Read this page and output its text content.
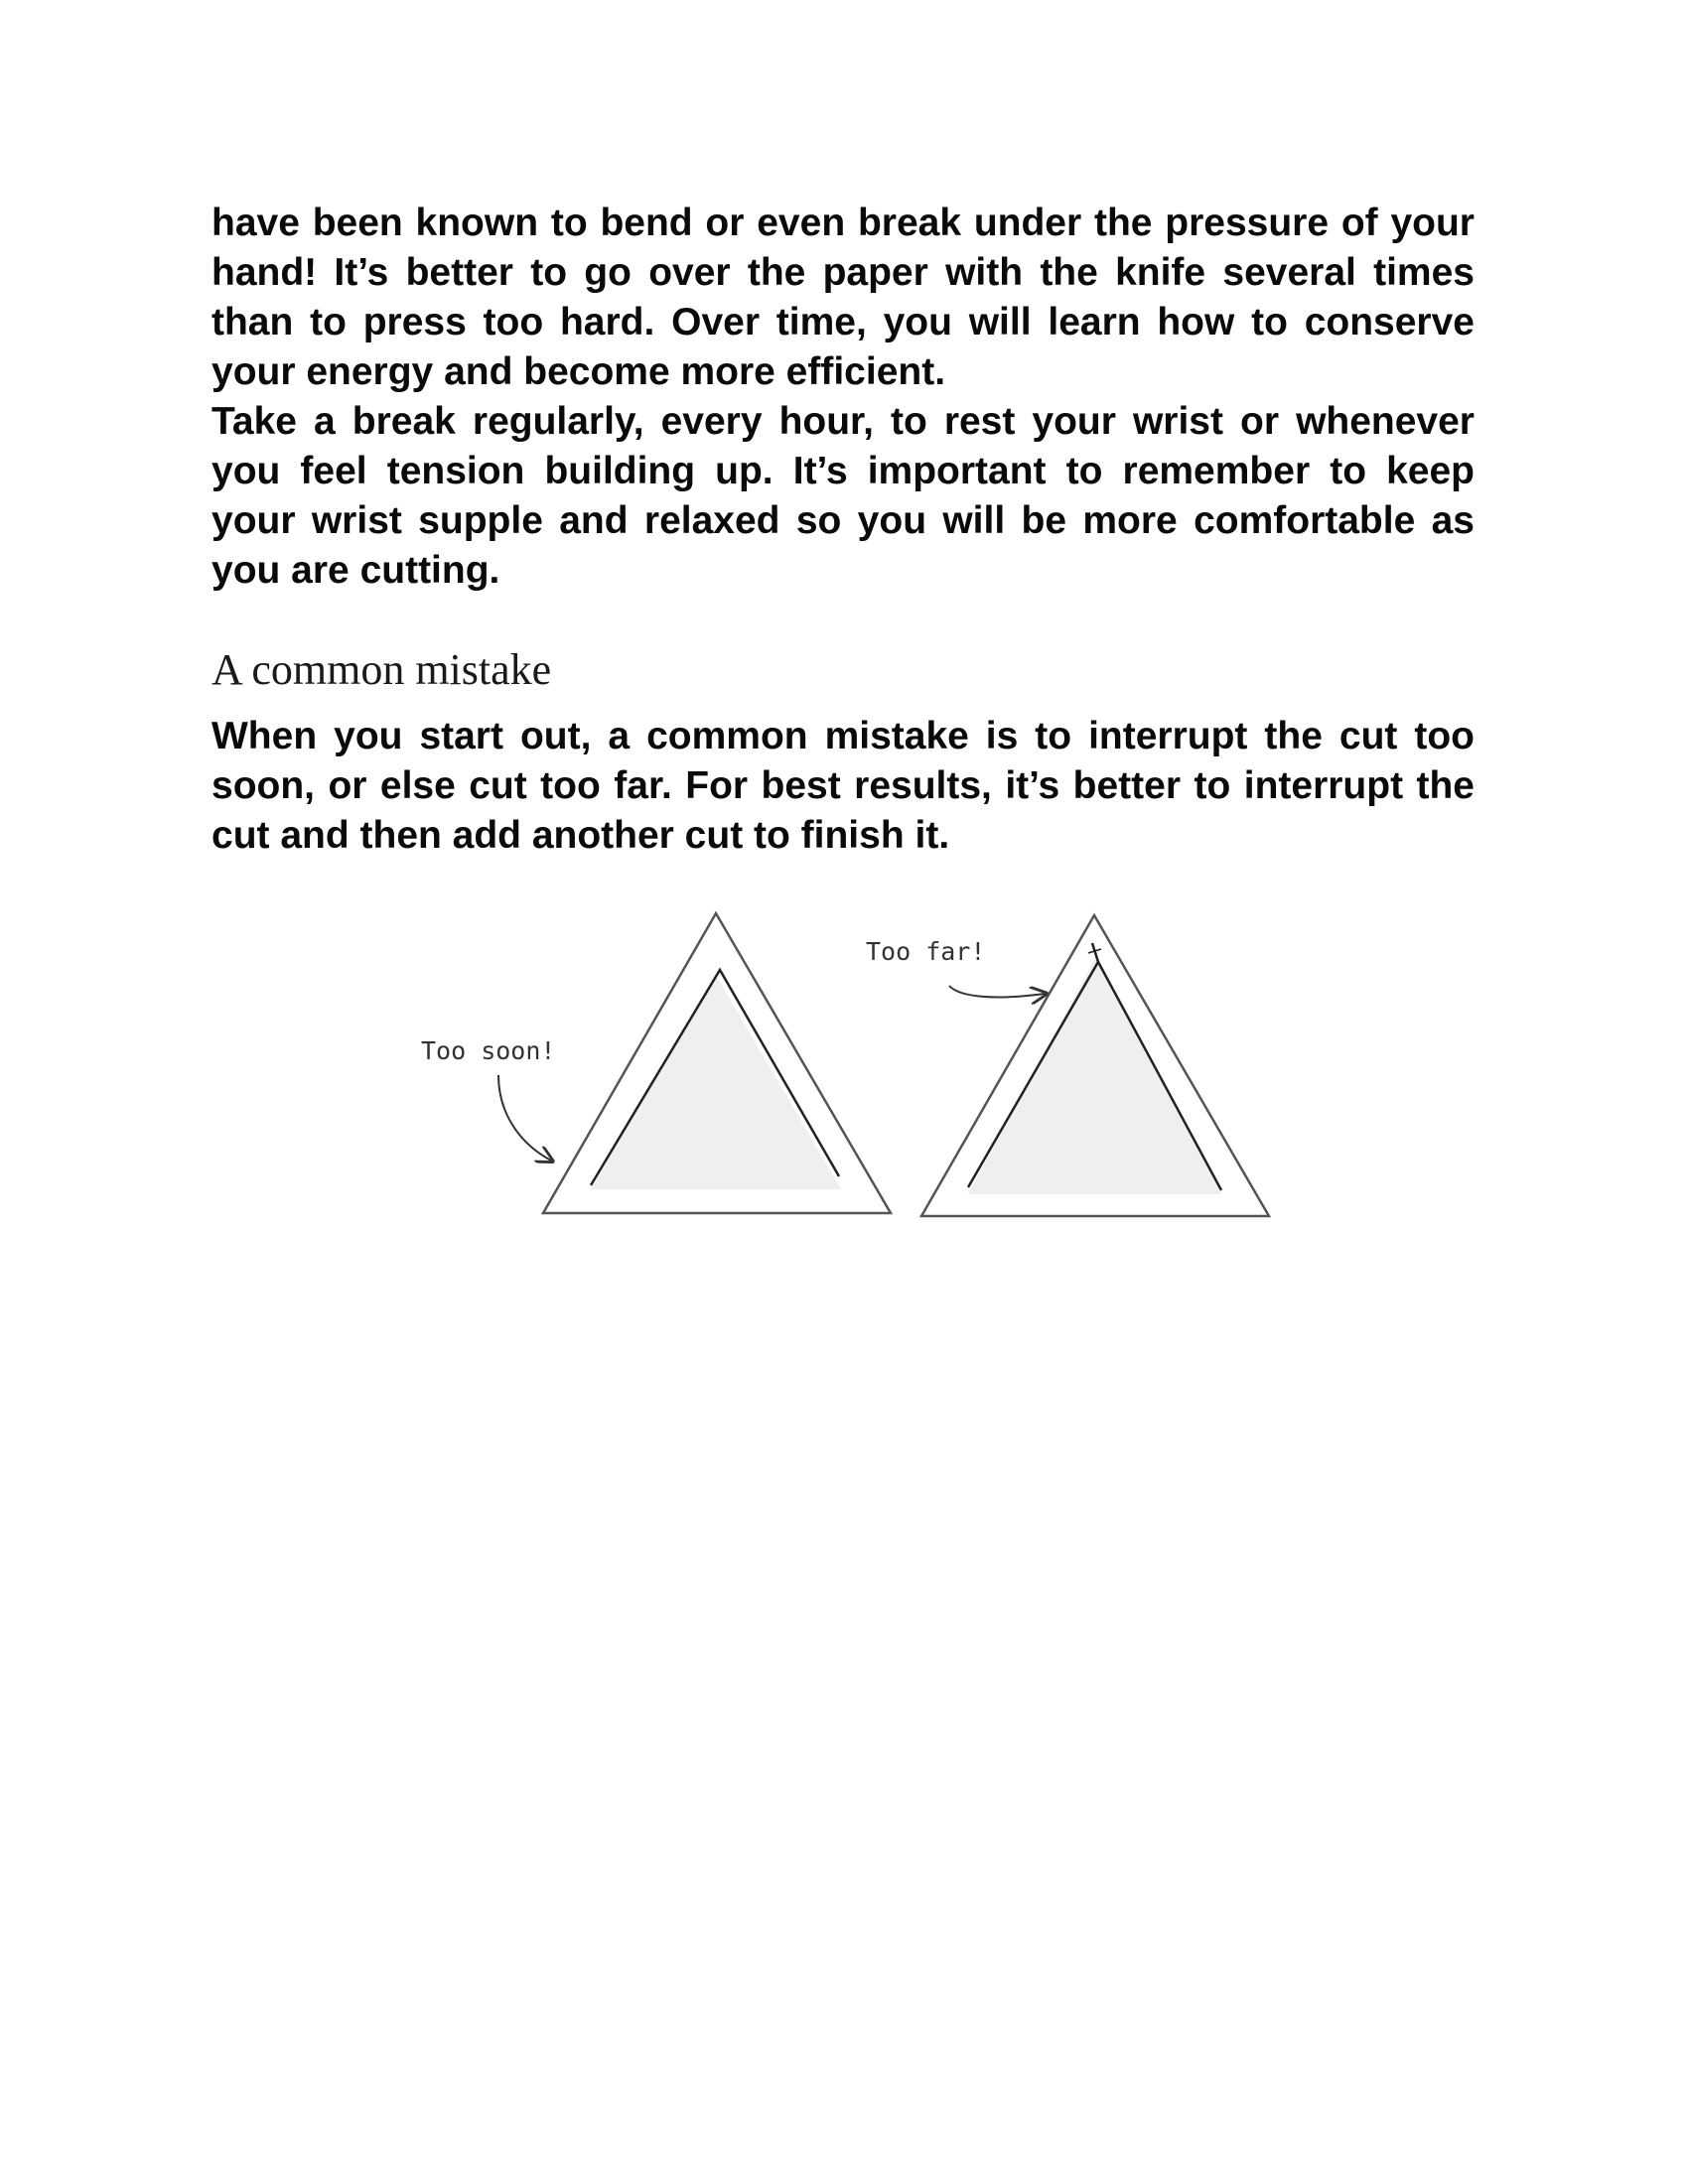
have been known to bend or even break under the pressure of your hand! It’s better to go over the paper with the knife several times than to press too hard. Over time, you will learn how to conserve your energy and become more efficient.

Take a break regularly, every hour, to rest your wrist or whenever you feel tension building up. It’s important to remember to keep your wrist supple and relaxed so you will be more comfortable as you are cutting.

A common mistake

When you start out, a common mistake is to interrupt the cut too soon, or else cut too far. For best results, it’s better to interrupt the cut and then add another cut to finish it.

Too soon!
Too far!
